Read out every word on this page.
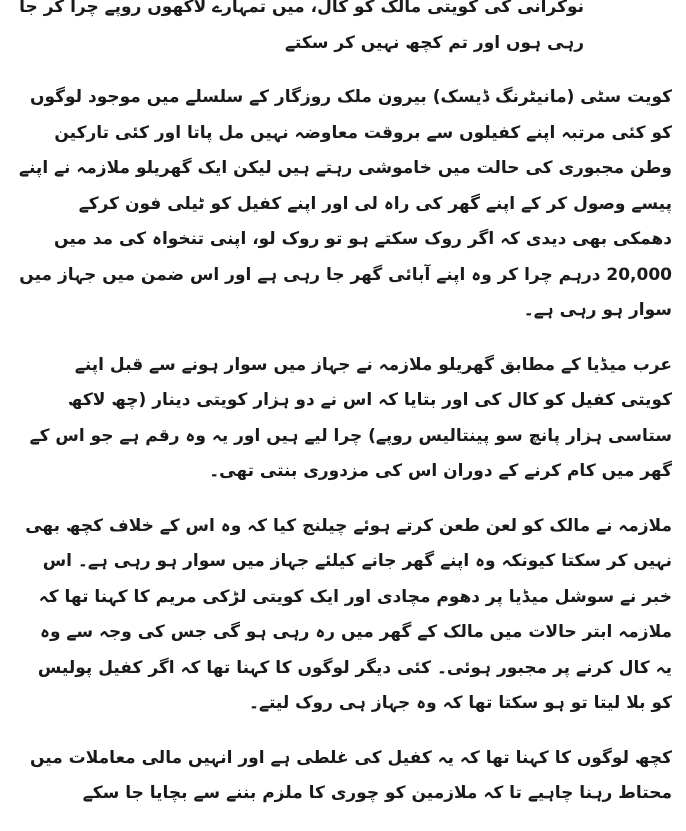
نوکرانی کی کویتی مالک کو کال، میں تمہارے لاکھوں روپے چرا کر جا رہی ہوں اور تم کچھ نہیں کر سکتے

کویت سٹی (مانیٹرنگ ڈیسک) بیرون ملک روزگار کے سلسلے میں موجود لوگوں کو کئی مرتبہ اپنے کفیلوں سے بروقت معاوضہ نہیں مل پاتا اور کئی تارکین وطن مجبوری کی حالت میں خاموشی رہتے ہیں لیکن ایک گھریلو ملازمہ نے اپنے پیسے وصول کر کے اپنے گھر کی راہ لی اور اپنے کفیل کو ٹیلی فون کرکے دھمکی بھی دیدی کہ اگر روک سکتے ہو تو روک لو، اپنی تنخواہ کی مد میں 20,000 درہم چرا کر وہ اپنے آبائی گھر جا رہی ہے اور اس ضمن میں جہاز میں سوار ہو رہی ہے۔

عرب میڈیا کے مطابق گھریلو ملازمہ نے جہاز میں سوار ہونے سے قبل اپنے کویتی کفیل کو کال کی اور بتایا کہ اس نے دو ہزار کویتی دینار (چھ لاکھ ستاسی ہزار پانچ سو پینتالیس روپے) چرا لیے ہیں اور یہ وہ رقم ہے جو اس کے گھر میں کام کرنے کے دوران اس کی مزدوری بنتی تھی۔

ملازمہ نے مالک کو لعن طعن کرتے ہوئے چیلنج کیا کہ وہ اس کے خلاف کچھ بھی نہیں کر سکتا کیونکہ وہ اپنے گھر جانے کیلئے جہاز میں سوار ہو رہی ہے۔ اس خبر نے سوشل میڈیا پر دھوم مچادی اور ایک کویتی لڑکی مریم کا کہنا تھا کہ ملازمہ ابتر حالات میں مالک کے گھر میں رہ رہی ہو گی جس کی وجہ سے وہ یہ کال کرنے پر مجبور ہوئی۔ کئی دیگر لوگوں کا کہنا تھا کہ اگر کفیل پولیس کو بلا لیتا تو ہو سکتا تھا کہ وہ جہاز ہی روک لیتے۔

کچھ لوگوں کا کہنا تھا کہ یہ کفیل کی غلطی ہے اور انہیں مالی معاملات میں محتاط رہنا چاہیے تا کہ ملازمین کو چوری کا ملزم بننے سے بچایا جا سکے
